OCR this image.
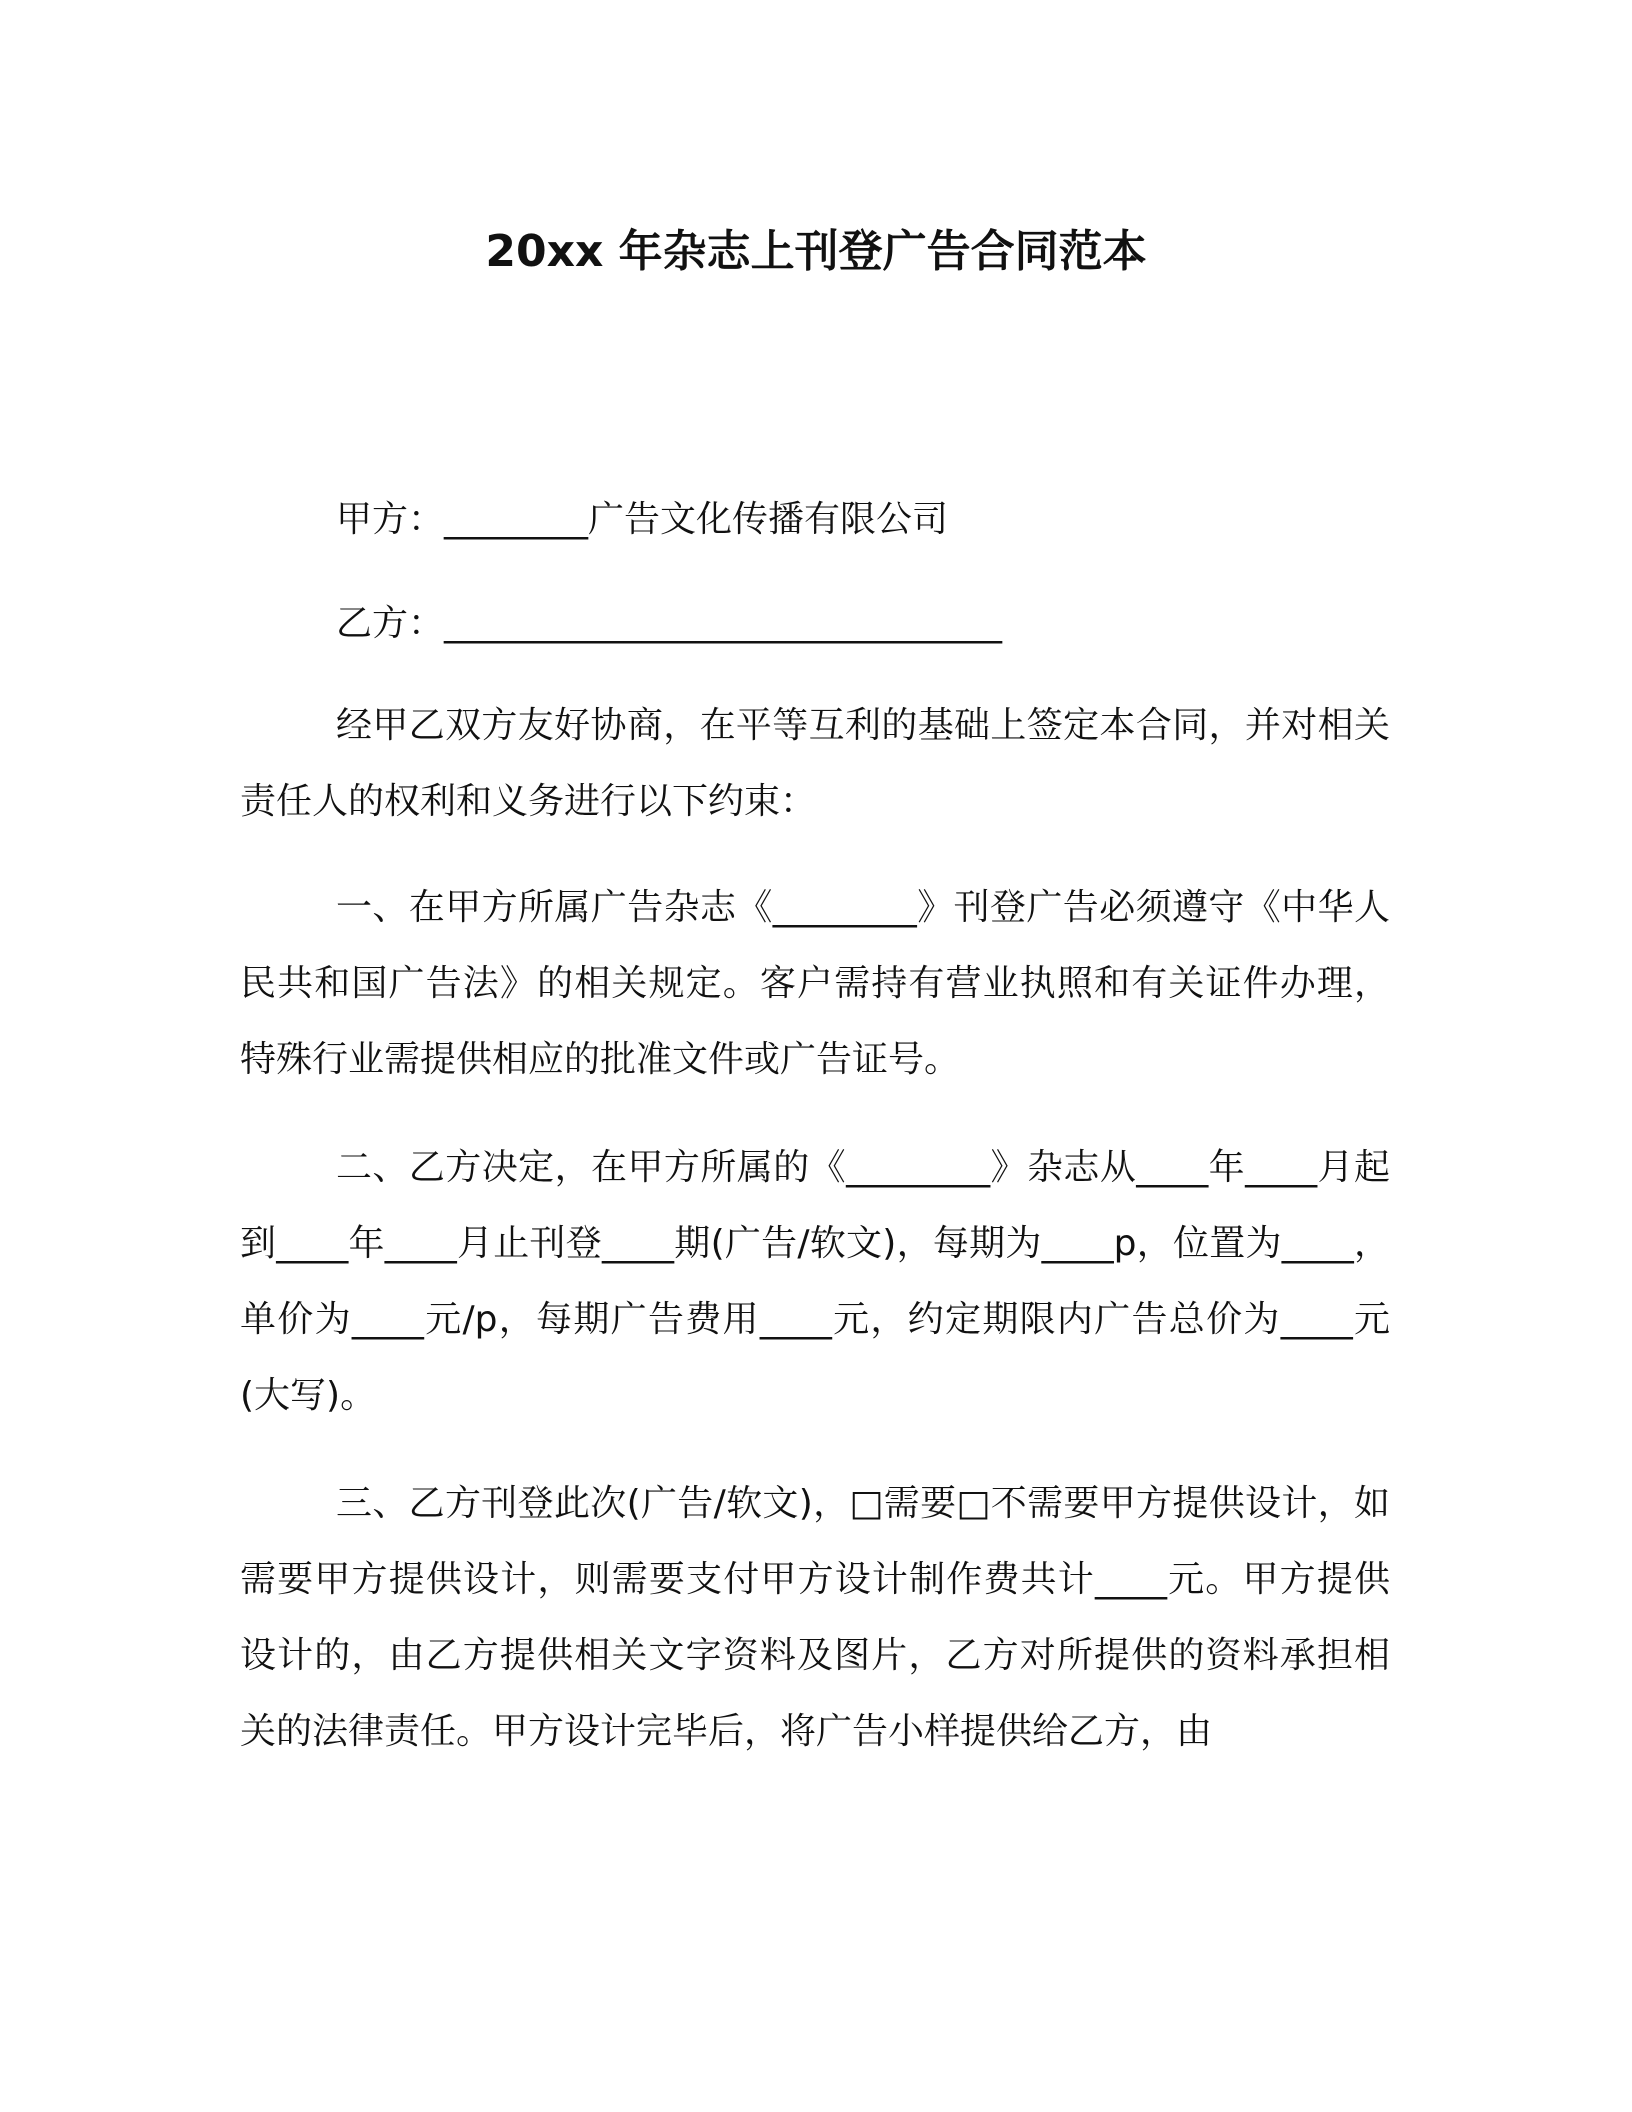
20xx 年杂志上刊登广告合同范本
甲方：________广告文化传播有限公司
乙方：_______________________________

经甲乙双方友好协商，在平等互利的基础上签定本合同，并对相关责任人的权利和义务进行以下约束：

一、在甲方所属广告杂志《________》刊登广告必须遵守《中华人民共和国广告法》的相关规定。客户需持有营业执照和有关证件办理，特殊行业需提供相应的批准文件或广告证号。

二、乙方决定，在甲方所属的《________》杂志从____年____月起到____年____月止刊登____期(广告/软文)，每期为____p，位置为____，单价为____元/p，每期广告费用____元，约定期限内广告总价为____元(大写)。

三、乙方刊登此次(广告/软文)，□需要□不需要甲方提供设计，如需要甲方提供设计，则需要支付甲方设计制作费共计____元。甲方提供设计的，由乙方提供相关文字资料及图片，乙方对所提供的资料承担相关的法律责任。甲方设计完毕后，将广告小样提供给乙方，由
